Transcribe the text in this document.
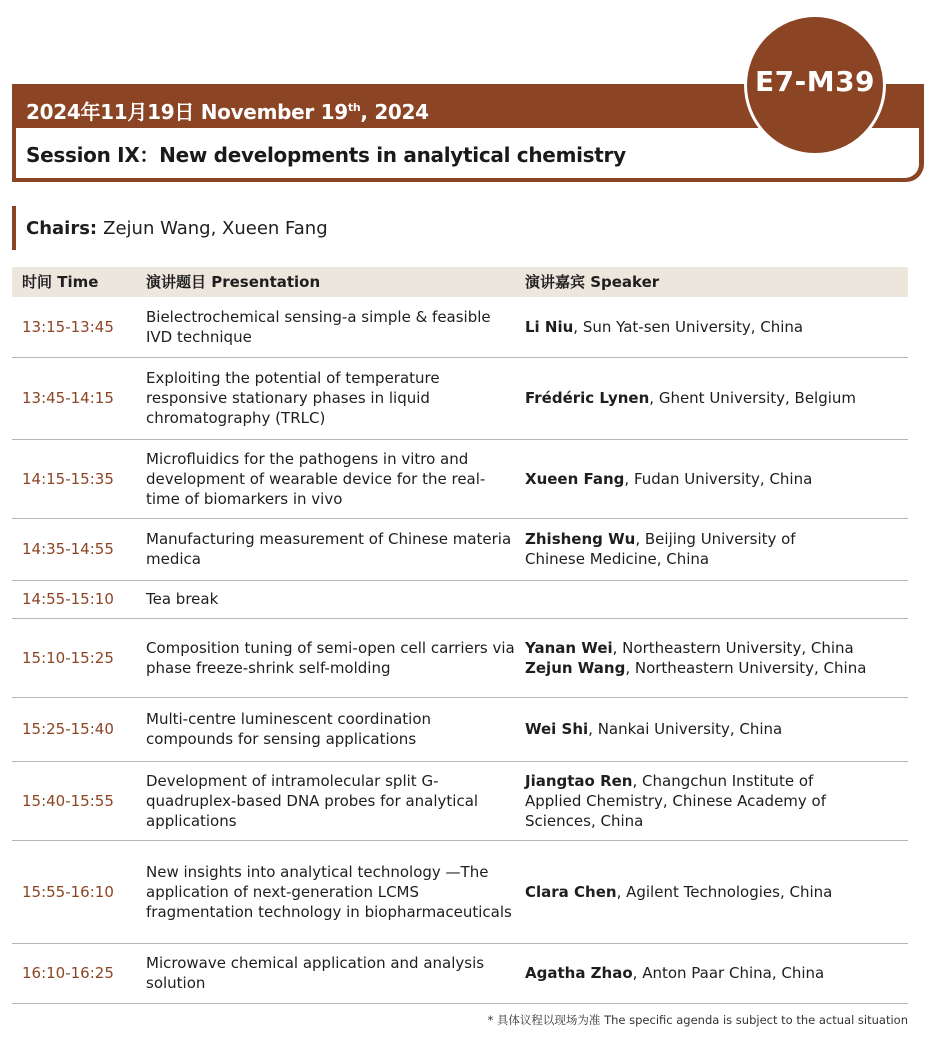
2024年11月19日 November 19th, 2024
Session IX：New developments in analytical chemistry
E7-M39
Chairs: Zejun Wang, Xueen Fang
时间 Time	演讲题目 Presentation	演讲嘉宾 Speaker
13:15-13:45	Bielectrochemical sensing-a simple & feasible IVD technique	Li Niu, Sun Yat-sen University, China

13:45-14:15	Exploiting the potential of temperature responsive stationary phases in liquid chromatography (TRLC)	Frédéric Lynen, Ghent University, Belgium

14:15-15:35	Microfluidics for the pathogens in vitro and development of wearable device for the real-time of biomarkers in vivo	Xueen Fang, Fudan University, China

14:35-14:55	Manufacturing measurement of Chinese materia medica	Zhisheng Wu, Beijing University of
Chinese Medicine, China

14:55-15:10	Tea break	
15:10-15:25	Composition tuning of semi-open cell carriers via phase freeze-shrink self-molding	Yanan Wei, Northeastern University, China
Zejun Wang, Northeastern University, China

15:25-15:40	Multi-centre luminescent coordination compounds for sensing applications	Wei Shi, Nankai University, China

15:40-15:55	Development of intramolecular split G-quadruplex-based DNA probes for analytical applications	Jiangtao Ren, Changchun Institute of
Applied Chemistry, Chinese Academy of
Sciences, China

15:55-16:10	New insights into analytical technology —The application of next-generation LCMS fragmentation technology in biopharmaceuticals	Clara Chen, Agilent Technologies, China

16:10-16:25	Microwave chemical application and analysis solution	Agatha Zhao, Anton Paar China, China
* 具体议程以现场为准 The specific agenda is subject to the actual situation
